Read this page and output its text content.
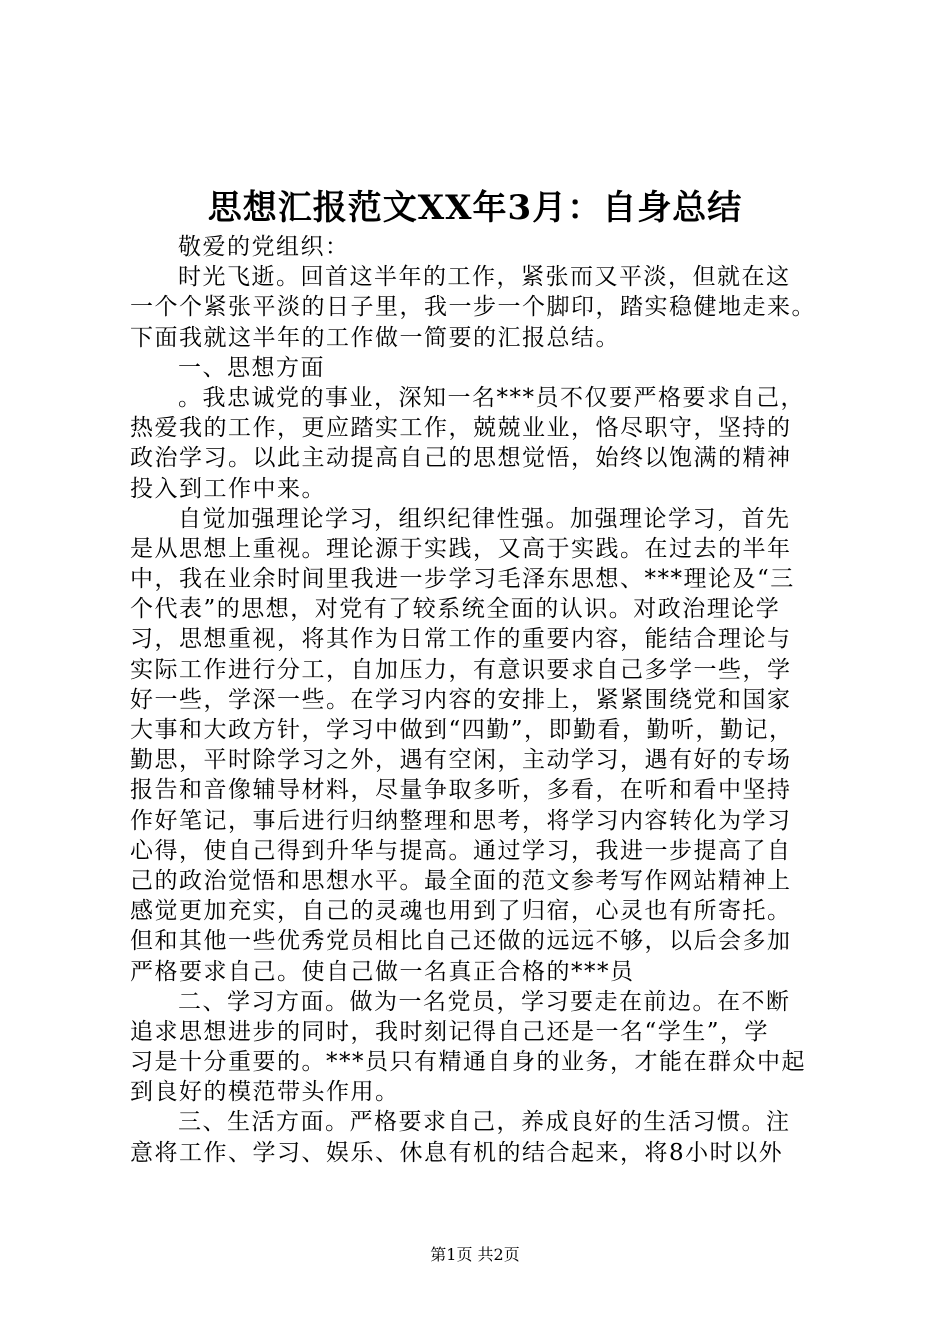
思想汇报范文XX年3月：自身总结
敬爱的党组织：
时光飞逝。回首这半年的工作，紧张而又平淡，但就在这
一个个紧张平淡的日子里，我一步一个脚印，踏实稳健地走来。
下面我就这半年的工作做一简要的汇报总结。
一、思想方面
。我忠诚党的事业，深知一名***员不仅要严格要求自己，
热爱我的工作，更应踏实工作，兢兢业业，恪尽职守，坚持的
政治学习。以此主动提高自己的思想觉悟，始终以饱满的精神
投入到工作中来。
自觉加强理论学习，组织纪律性强。加强理论学习，首先
是从思想上重视。理论源于实践，又高于实践。在过去的半年
中，我在业余时间里我进一步学习毛泽东思想、***理论及“三
个代表”的思想，对党有了较系统全面的认识。对政治理论学
习，思想重视，将其作为日常工作的重要内容，能结合理论与
实际工作进行分工，自加压力，有意识要求自己多学一些，学
好一些，学深一些。在学习内容的安排上，紧紧围绕党和国家
大事和大政方针，学习中做到“四勤”，即勤看，勤听，勤记，
勤思，平时除学习之外，遇有空闲，主动学习，遇有好的专场
报告和音像辅导材料，尽量争取多听，多看，在听和看中坚持
作好笔记，事后进行归纳整理和思考，将学习内容转化为学习
心得，使自己得到升华与提高。通过学习，我进一步提高了自
己的政治觉悟和思想水平。最全面的范文参考写作网站精神上
感觉更加充实，自己的灵魂也用到了归宿，心灵也有所寄托。
但和其他一些优秀党员相比自己还做的远远不够，以后会多加
严格要求自己。使自己做一名真正合格的***员
二、学习方面。做为一名党员，学习要走在前边。在不断
追求思想进步的同时，我时刻记得自己还是一名“学生”，学
习是十分重要的。***员只有精通自身的业务，才能在群众中起
到良好的模范带头作用。
三、生活方面。严格要求自己，养成良好的生活习惯。注
意将工作、学习、娱乐、休息有机的结合起来，将8小时以外
第1页 共2页
